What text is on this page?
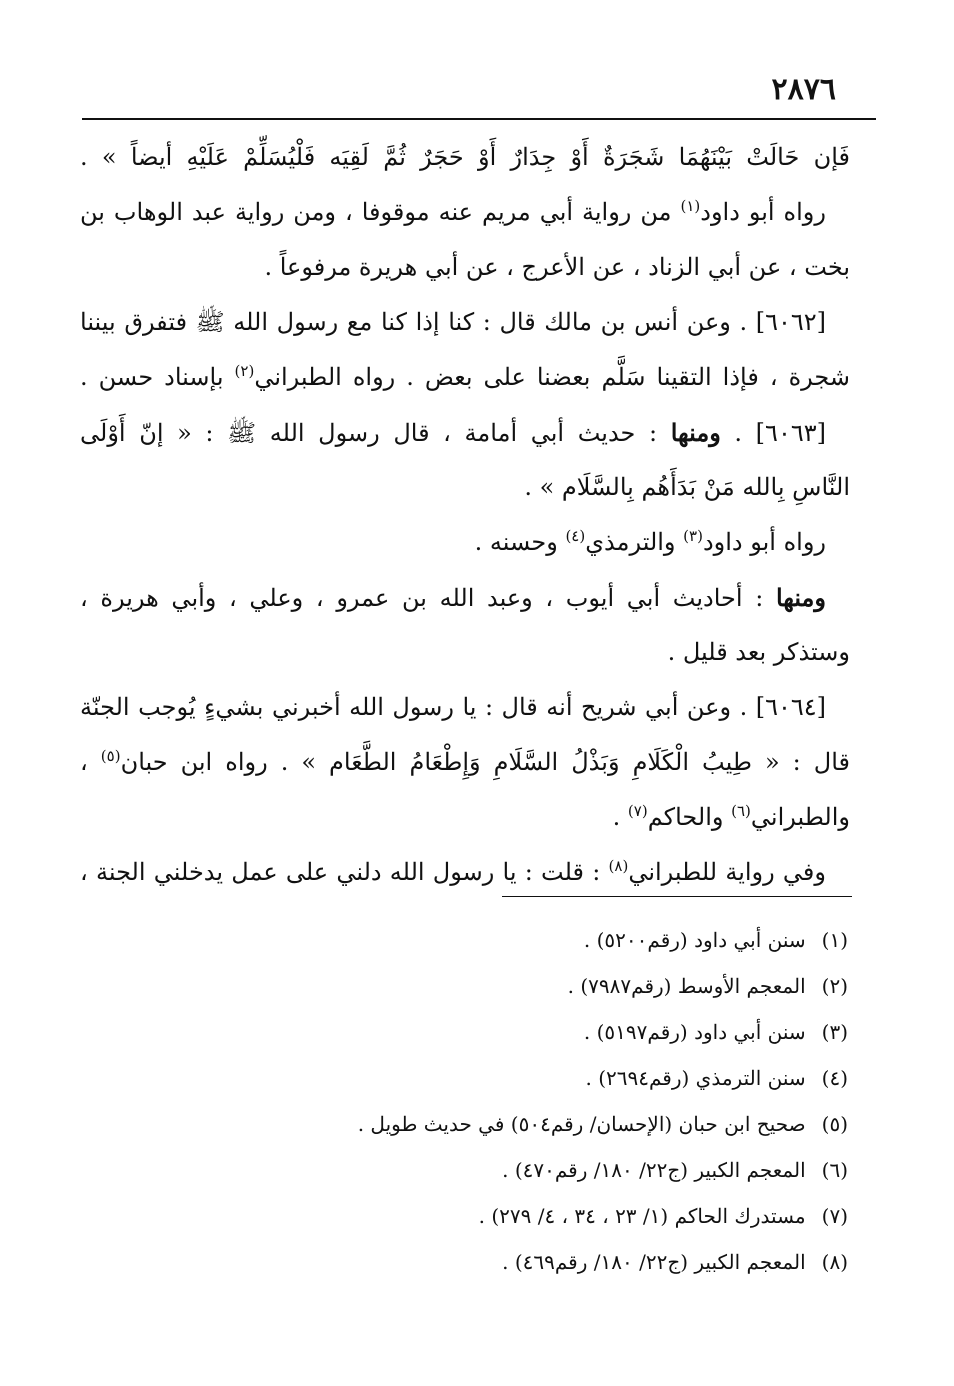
٢٨٧٦
فَإن حَالَتْ بَيْنَهُمَا شَجَرَةٌ أَوْ جِدَارٌ أَوْ حَجَرٌ ثُمَّ لَقِيَه فَلْيُسَلِّمْ عَلَيْهِ أيضاً » .
رواه أبو داود$^{(١)}$ من رواية أبي مريم عنه موقوفا ، ومن رواية عبد الوهاب بن
بخت ، عن أبي الزناد ، عن الأعرج ، عن أبي هريرة مرفوعاً .
[٦٠٦٢] . وعن أنس بن مالك قال : كنا إذا كنا مع رسول الله ﷺ فتفرق بيننا
شجرة ، فإذا التقينا سَلَّم بعضنا على بعض . رواه الطبراني$^{(٢)}$ بإسناد حسن .
[٦٠٦٣] . ومنها : حديث أبي أمامة ، قال رسول الله ﷺ : « إنّ أَوْلَى
النَّاسِ بِالله مَنْ بَدَأَهُم بِالسَّلَام » .
رواه أبو داود$^{(٣)}$ والترمذي$^{(٤)}$ وحسنه .
ومنها : أحاديث أبي أيوب ، وعبد الله بن عمرو ، وعلي ، وأبي هريرة ،
وستذكر بعد قليل .
[٦٠٦٤] . وعن أبي شريح أنه قال : يا رسول الله أخبرني بشيءٍ يُوجب الجنّة
قال : « طِيبُ الْكَلَامِ وَبَذْلُ السَّلَامِ وَإِطْعَامُ الطَّعَام » . رواه ابن حبان$^{(٥)}$ ،
والطبراني$^{(٦)}$ والحاكم$^{(٧)}$ .
وفي رواية للطبراني$^{(٨)}$ : قلت : يا رسول الله دلني على عمل يدخلني الجنة ،
(١) سنن أبي داود (رقم٥٢٠٠) .
(٢) المعجم الأوسط (رقم٧٩٨٧) .
(٣) سنن أبي داود (رقم٥١٩٧) .
(٤) سنن الترمذي (رقم٢٦٩٤) .
(٥) صحيح ابن حبان (الإحسان/ رقم٥٠٤) في حديث طويل .
(٦) المعجم الكبير (ج٢٢/ ١٨٠/ رقم٤٧٠) .
(٧) مستدرك الحاكم (١/ ٢٣ ، ٣٤ ، ٤/ ٢٧٩) .
(٨) المعجم الكبير (ج٢٢/ ١٨٠/ رقم٤٦٩) .
